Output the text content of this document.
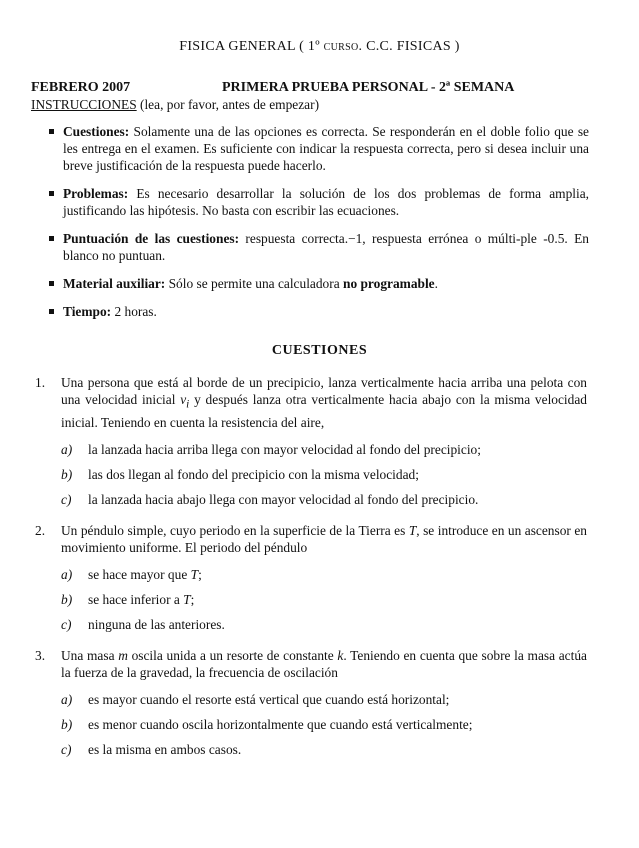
FISICA GENERAL ( 1º curso. C.C. FISICAS )
FEBRERO 2007	PRIMERA PRUEBA PERSONAL - 2ª SEMANA
INSTRUCCIONES (lea, por favor, antes de empezar)
Cuestiones: Solamente una de las opciones es correcta. Se responderán en el doble folio que se les entrega en el examen. Es suficiente con indicar la respuesta correcta, pero si desea incluir una breve justificación de la respuesta puede hacerlo.
Problemas: Es necesario desarrollar la solución de los dos problemas de forma amplia, justificando las hipótesis. No basta con escribir las ecuaciones.
Puntuación de las cuestiones: respuesta correcta.−1, respuesta errónea o múlti-ple -0.5. En blanco no puntuan.
Material auxiliar: Sólo se permite una calculadora no programable.
Tiempo: 2 horas.
CUESTIONES
1. Una persona que está al borde de un precipicio, lanza verticalmente hacia arriba una pelota con una velocidad inicial $v_i$ y después lanza otra verticalmente hacia abajo con la misma velocidad inicial. Teniendo en cuenta la resistencia del aire,
a) la lanzada hacia arriba llega con mayor velocidad al fondo del precipicio;
b) las dos llegan al fondo del precipicio con la misma velocidad;
c) la lanzada hacia abajo llega con mayor velocidad al fondo del precipicio.
2. Un péndulo simple, cuyo periodo en la superficie de la Tierra es T, se introduce en un ascensor en movimiento uniforme. El periodo del péndulo
a) se hace mayor que T;
b) se hace inferior a T;
c) ninguna de las anteriores.
3. Una masa m oscila unida a un resorte de constante k. Teniendo en cuenta que sobre la masa actúa la fuerza de la gravedad, la frecuencia de oscilación
a) es mayor cuando el resorte está vertical que cuando está horizontal;
b) es menor cuando oscila horizontalmente que cuando está verticalmente;
c) es la misma en ambos casos.
